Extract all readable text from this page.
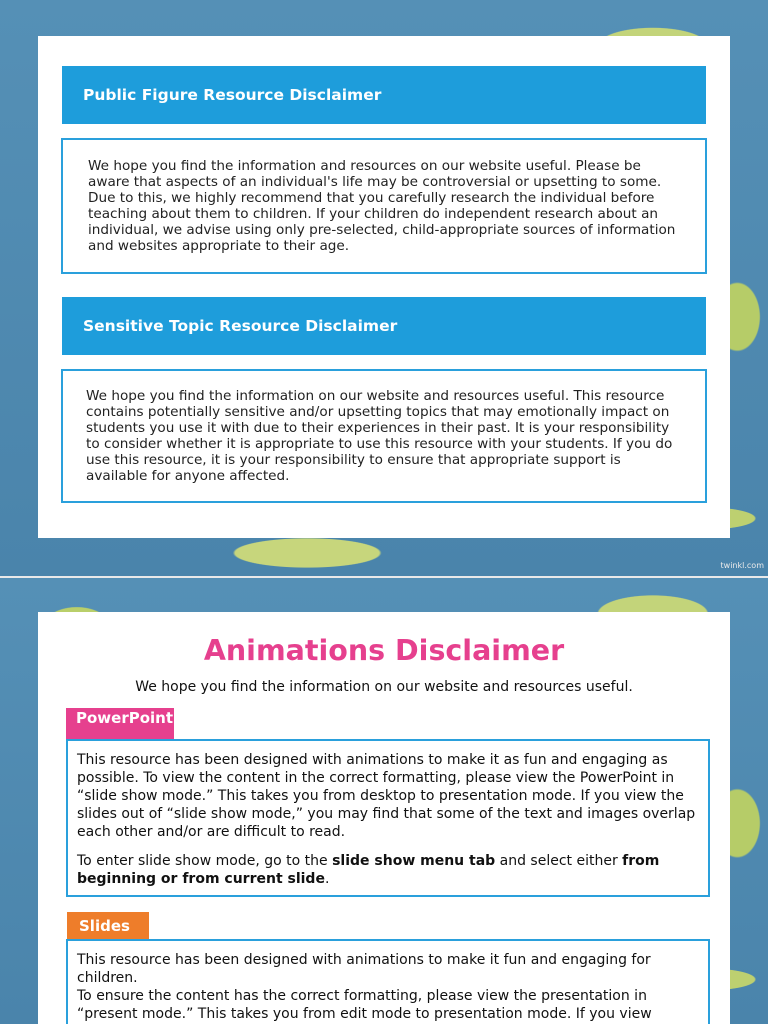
Public Figure Resource Disclaimer

We hope you find the information and resources on our website useful. Please be aware that aspects of an individual's life may be controversial or upsetting to some. Due to this, we highly recommend that you carefully research the individual before teaching about them to children. If your children do independent research about an individual, we advise using only pre-selected, child-appropriate sources of information and websites appropriate to their age.

Sensitive Topic Resource Disclaimer

We hope you find the information on our website and resources useful. This resource contains potentially sensitive and/or upsetting topics that may emotionally impact on students you use it with due to their experiences in their past. It is your responsibility to consider whether it is appropriate to use this resource with your students. If you do use this resource, it is your responsibility to ensure that appropriate support is available for anyone affected.

twinkl.com
Animations Disclaimer
We hope you find the information on our website and resources useful.
PowerPoint

This resource has been designed with animations to make it as fun and engaging as possible. To view the content in the correct formatting, please view the PowerPoint in “slide show mode.” This takes you from desktop to presentation mode. If you view the slides out of “slide show mode,” you may find that some of the text and images overlap each other and/or are difficult to read.

To enter slide show mode, go to the slide show menu tab and select either from beginning or from current slide.

Slides

This resource has been designed with animations to make it fun and engaging for children.

To ensure the content has the correct formatting, please view the presentation in “present mode.” This takes you from edit mode to presentation mode. If you view
